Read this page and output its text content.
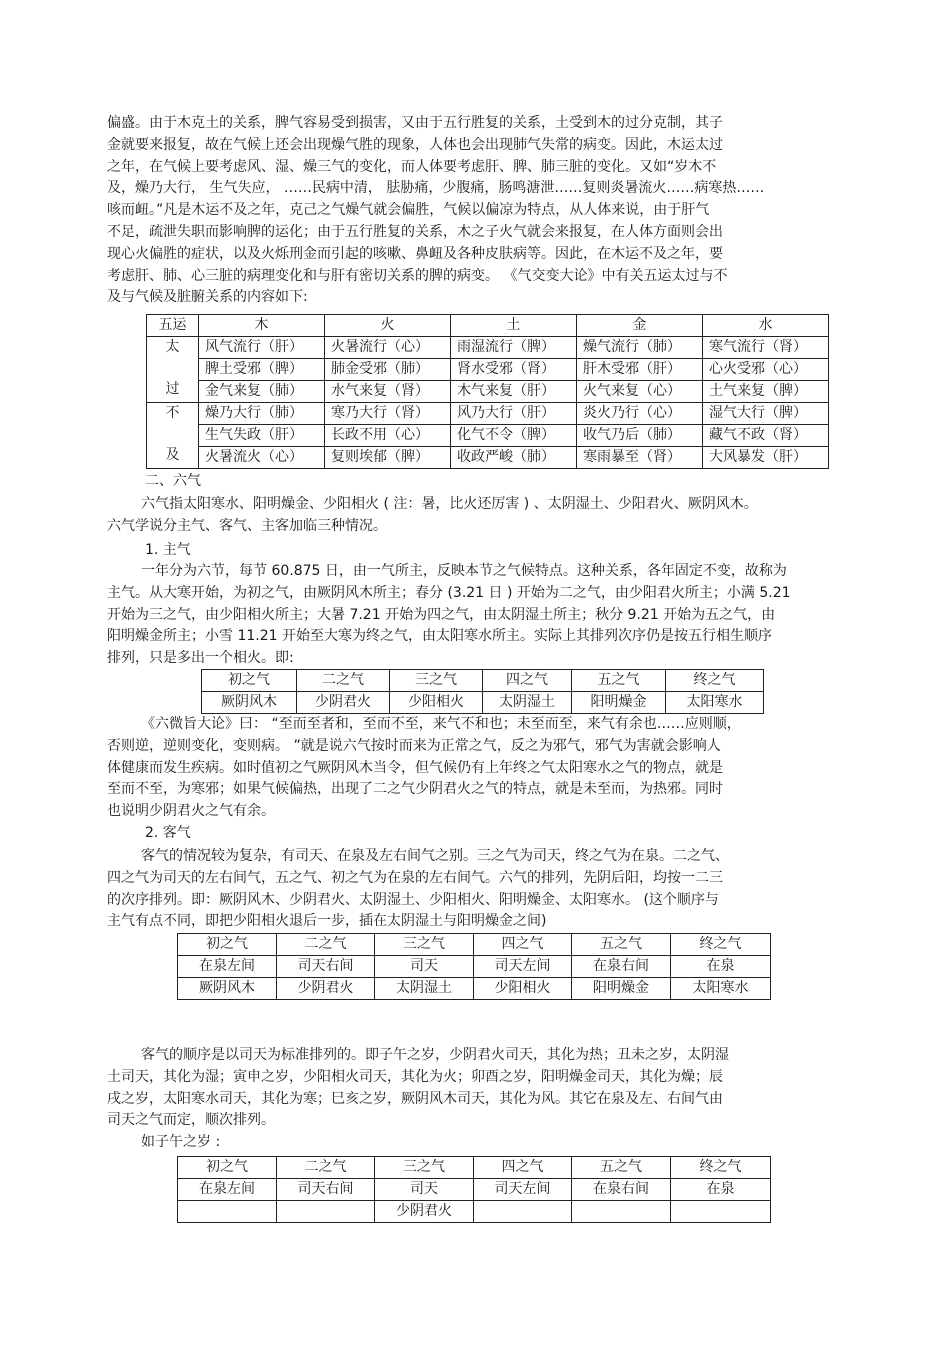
偏盛。由于木克土的关系，脾气容易受到损害，又由于五行胜复的关系，土受到木的过分克制，其子
金就要来报复，故在气候上还会出现燥气胜的现象，人体也会出现肺气失常的病变。因此，木运太过
之年，在气候上要考虑风、湿、燥三气的变化，而人体要考虑肝、脾、肺三脏的变化。又如“岁木不
及，燥乃大行， 生气失应， ……民病中清， 胠胁痛，少腹痛，肠鸣溏泄……复则炎暑流火……病寒热……
咳而衄。”凡是木运不及之年，克己之气燥气就会偏胜，气候以偏凉为特点，从人体来说，由于肝气
不足，疏泄失职而影响脾的运化；由于五行胜复的关系，木之子火气就会来报复，在人体方面则会出
现心火偏胜的症状，以及火烁刑金而引起的咳嗽、鼻衄及各种皮肤病等。因此，在木运不及之年，要
考虑肝、肺、心三脏的病理变化和与肝有密切关系的脾的病变。 《气交变大论》中有关五运太过与不
及与气候及脏腑关系的内容如下:
五运	木	火	土	金	水

太
过	风气流行（肝）	火暑流行（心）	雨湿流行（脾）	燥气流行（肺）	寒气流行（肾）
	脾土受邪（脾）	肺金受邪（肺）	肾水受邪（肾）	肝木受邪（肝）	心火受邪（心）
	金气来复（肺）	水气来复（肾）	木气来复（肝）	火气来复（心）	土气来复（脾）

不
及	燥乃大行（肺）	寒乃大行（肾）	风乃大行（肝）	炎火乃行（心）	湿气大行（脾）
	生气失政（肝）	长政不用（心）	化气不令（脾）	收气乃后（肺）	藏气不政（肾）
	火暑流火（心）	复则埃郁（脾）	收政严峻（肺）	寒雨暴至（肾）	大风暴发（肝）

二、六气

六气指太阳寒水、阳明燥金、少阳相火 ( 注：暑，比火还厉害 ) 、太阴湿土、少阳君火、厥阴风木。
六气学说分主气、客气、主客加临三种情况。

1. 主气

一年分为六节，每节 60.875 日，由一气所主，反映本节之气候特点。这种关系，各年固定不变，故称为
主气。从大寒开始，为初之气，由厥阴风木所主；春分 (3.21 日 ) 开始为二之气，由少阳君火所主；小满 5.21
开始为三之气，由少阳相火所主；大暑 7.21 开始为四之气，由太阴湿土所主；秋分 9.21 开始为五之气，由
阳明燥金所主；小雪 11.21 开始至大寒为终之气，由太阳寒水所主。实际上其排列次序仍是按五行相生顺序
排列，只是多出一个相火。即:
初之气	二之气	三之气	四之气	五之气	终之气
厥阴风木	少阴君火	少阳相火	太阴湿土	阳明燥金	太阳寒水
《六微旨大论》曰： “至而至者和，至而不至，来气不和也；未至而至，来气有余也……应则顺，
否则逆，逆则变化，变则病。 ”就是说六气按时而来为正常之气，反之为邪气，邪气为害就会影响人
体健康而发生疾病。如时值初之气厥阴风木当令，但气候仍有上年终之气太阳寒水之气的物点，就是
至而不至，为寒邪；如果气候偏热，出现了二之气少阴君火之气的特点，就是未至而，为热邪。同时
也说明少阴君火之气有余。

2. 客气

客气的情况较为复杂，有司天、在泉及左右间气之别。三之气为司天，终之气为在泉。二之气、
四之气为司天的左右间气，五之气、初之气为在泉的左右间气。六气的排列，先阴后阳，均按一二三
的次序排列。即：厥阴风木、少阴君火、太阴湿土、少阳相火、阳明燥金、太阳寒水。 (这个顺序与
主气有点不同，即把少阳相火退后一步，插在太阴湿土与阳明燥金之间)
初之气	二之气	三之气	四之气	五之气	终之气
在泉左间	司天右间	司天	司天左间	在泉右间	在泉
厥阴风木	少阴君火	太阴湿土	少阳相火	阳明燥金	太阳寒水
客气的顺序是以司天为标准排列的。即子午之岁，少阴君火司天，其化为热；丑未之岁，太阴湿
土司天，其化为湿；寅申之岁，少阳相火司天，其化为火；卯酉之岁，阳明燥金司天，其化为燥；辰
戌之岁，太阳寒水司天，其化为寒；巳亥之岁，厥阴风木司天，其化为风。其它在泉及左、右间气由
司天之气而定，顺次排列。
如子午之岁 :
初之气	二之气	三之气	四之气	五之气	终之气
在泉左间	司天右间	司天	司天左间	在泉右间	在泉
		少阴君火			
